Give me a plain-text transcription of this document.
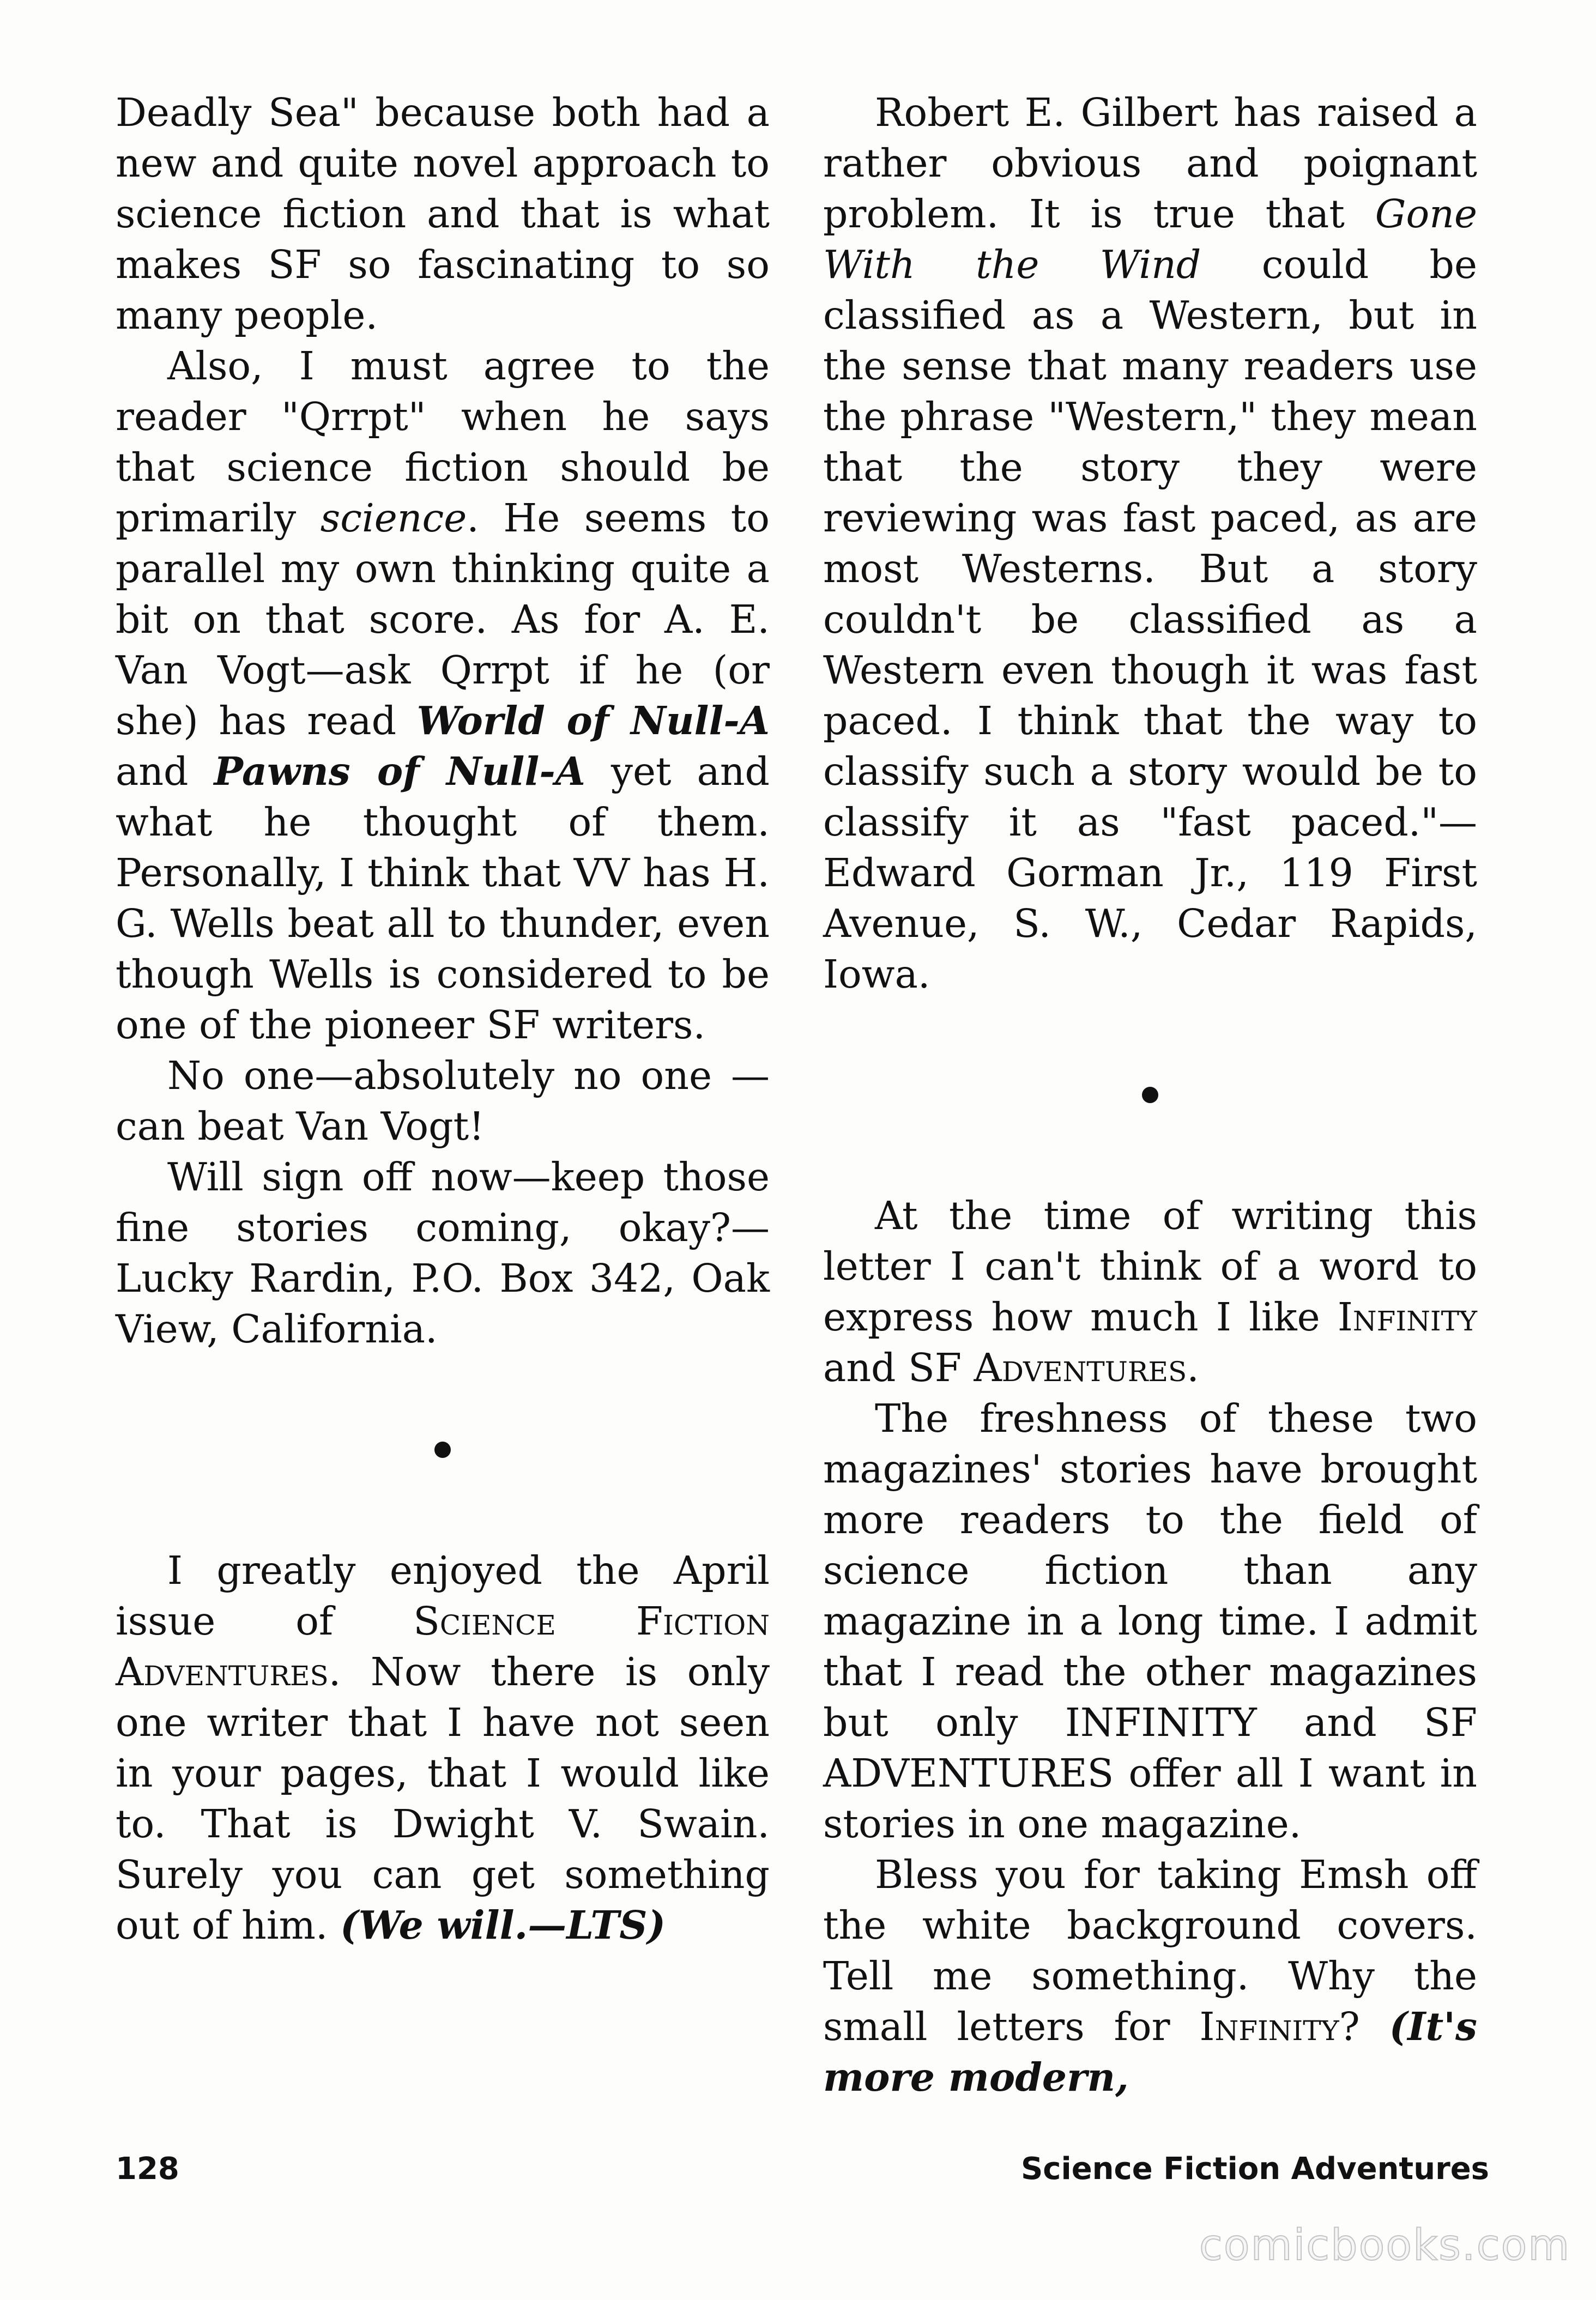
Deadly Sea" because both had a new and quite novel approach to science fiction and that is what makes SF so fascinating to so many people.

Also, I must agree to the reader "Qrrpt" when he says that science fiction should be primarily science. He seems to parallel my own thinking quite a bit on that score. As for A. E. Van Vogt—ask Qrrpt if he (or she) has read World of Null-A and Pawns of Null-A yet and what he thought of them. Personally, I think that VV has H. G. Wells beat all to thunder, even though Wells is considered to be one of the pioneer SF writers.

No one—absolutely no one —can beat Van Vogt!

Will sign off now—keep those fine stories coming, okay?—Lucky Rardin, P.O. Box 342, Oak View, California.

I greatly enjoyed the April issue of Science Fiction Adventures. Now there is only one writer that I have not seen in your pages, that I would like to. That is Dwight V. Swain. Surely you can get something out of him. (We will.—LTS)

Robert E. Gilbert has raised a rather obvious and poignant problem. It is true that Gone With the Wind could be classified as a Western, but in the sense that many readers use the phrase "Western," they mean that the story they were reviewing was fast paced, as are most Westerns. But a story couldn't be classified as a Western even though it was fast paced. I think that the way to classify such a story would be to classify it as "fast paced."—Edward Gorman Jr., 119 First Avenue, S. W., Cedar Rapids, Iowa.

At the time of writing this letter I can't think of a word to express how much I like Infinity and SF Adventures.

The freshness of these two magazines' stories have brought more readers to the field of science fiction than any magazine in a long time. I admit that I read the other magazines but only INFINITY and SF ADVENTURES offer all I want in stories in one magazine.

Bless you for taking Emsh off the white background covers. Tell me something. Why the small letters for Infinity? (It's more modern,

128	Science Fiction Adventures
comicbooks.com
